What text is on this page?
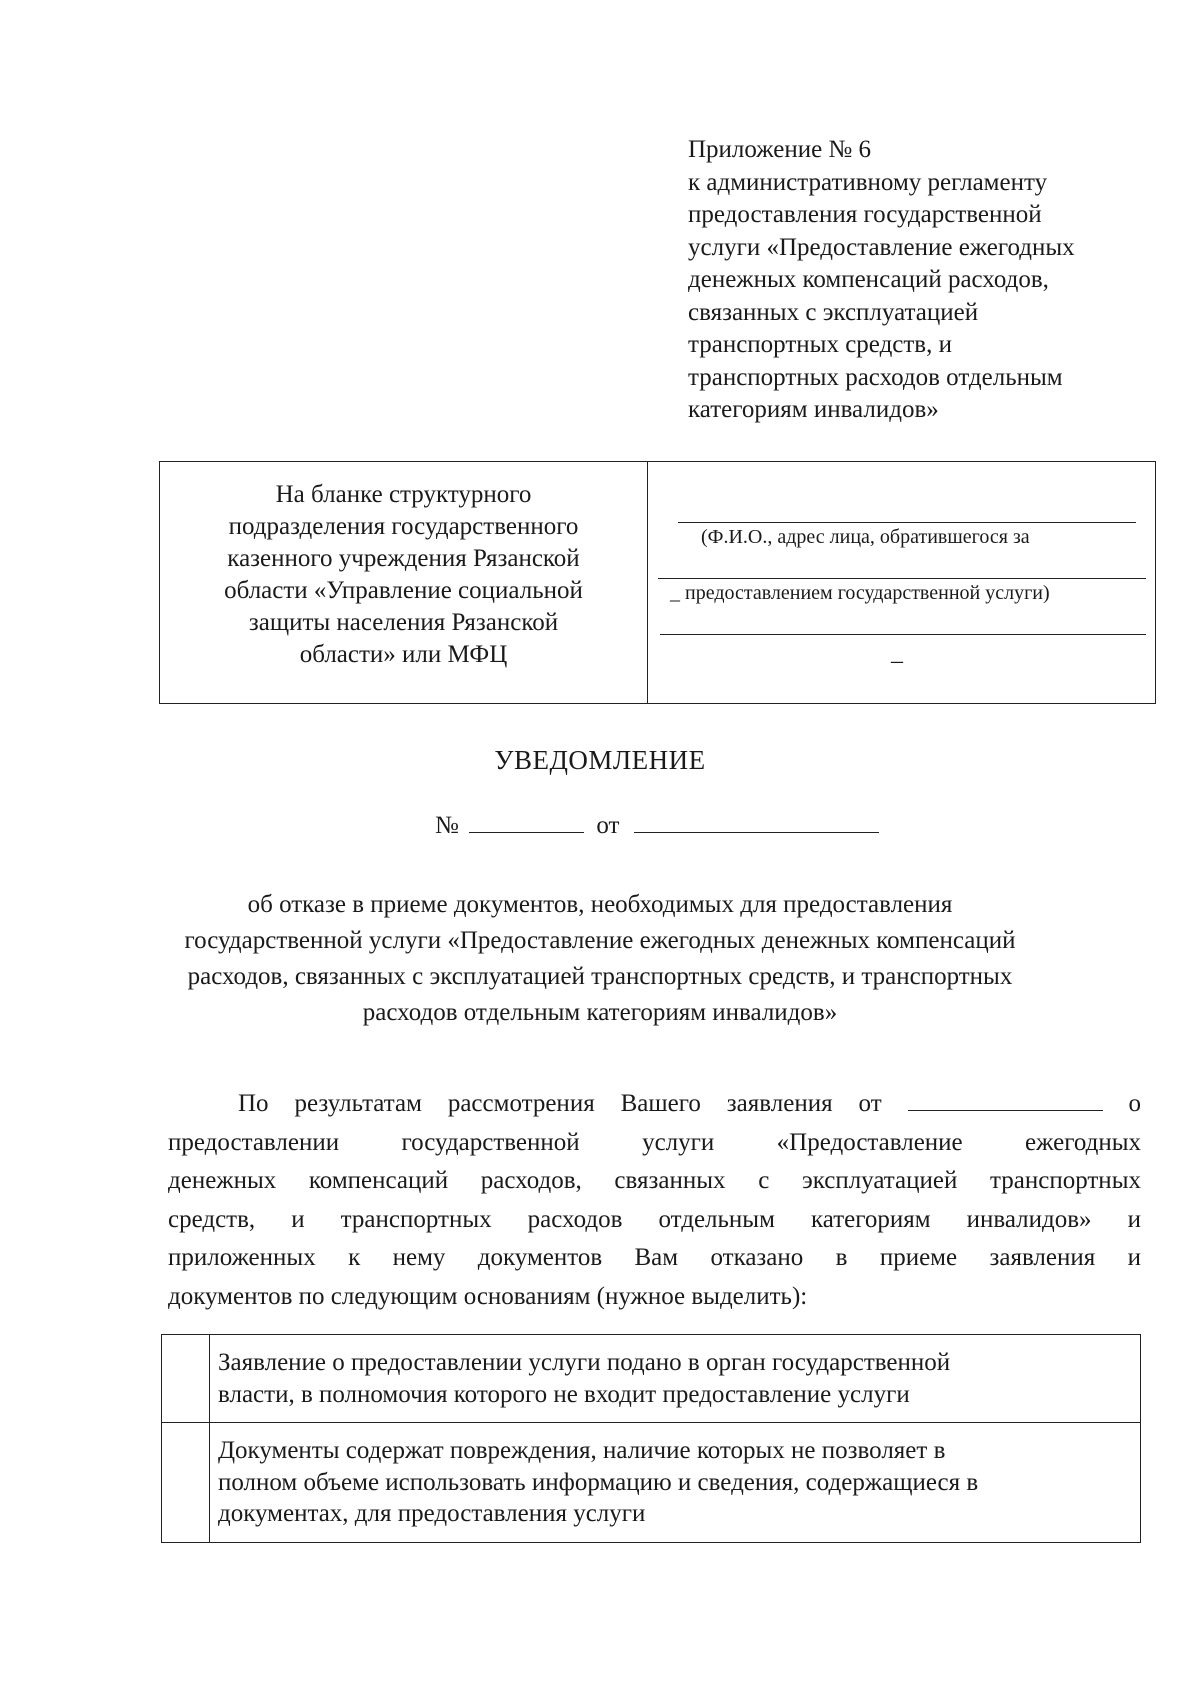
Приложение № 6
к административному регламенту
предоставления государственной
услуги «Предоставление ежегодных
денежных компенсаций расходов,
связанных с эксплуатацией
транспортных средств, и
транспортных расходов отдельным
категориям инвалидов»
На бланке структурного
подразделения государственного
казенного учреждения Рязанской
области «Управление социальной
защиты населения Рязанской
области» или МФЦ
(Ф.И.О., адрес лица, обратившегося за
_ предоставлением государственной услуги)
–
УВЕДОМЛЕНИЕ
№	от
об отказе в приеме документов, необходимых для предоставления
государственной услуги «Предоставление ежегодных денежных компенсаций
расходов, связанных с эксплуатацией транспортных средств, и транспортных
расходов отдельным категориям инвалидов»
По результатам рассмотрения Вашего заявления от	о
предоставлении государственной услуги «Предоставление ежегодных
денежных компенсаций расходов, связанных с эксплуатацией транспортных
средств, и транспортных расходов отдельным категориям инвалидов» и
приложенных к нему документов Вам отказано в приеме заявления и
документов по следующим основаниям (нужное выделить):
Заявление о предоставлении услуги подано в орган государственной
власти, в полномочия которого не входит предоставление услуги
Документы содержат повреждения, наличие которых не позволяет в
полном объеме использовать информацию и сведения, содержащиеся в
документах, для предоставления услуги
